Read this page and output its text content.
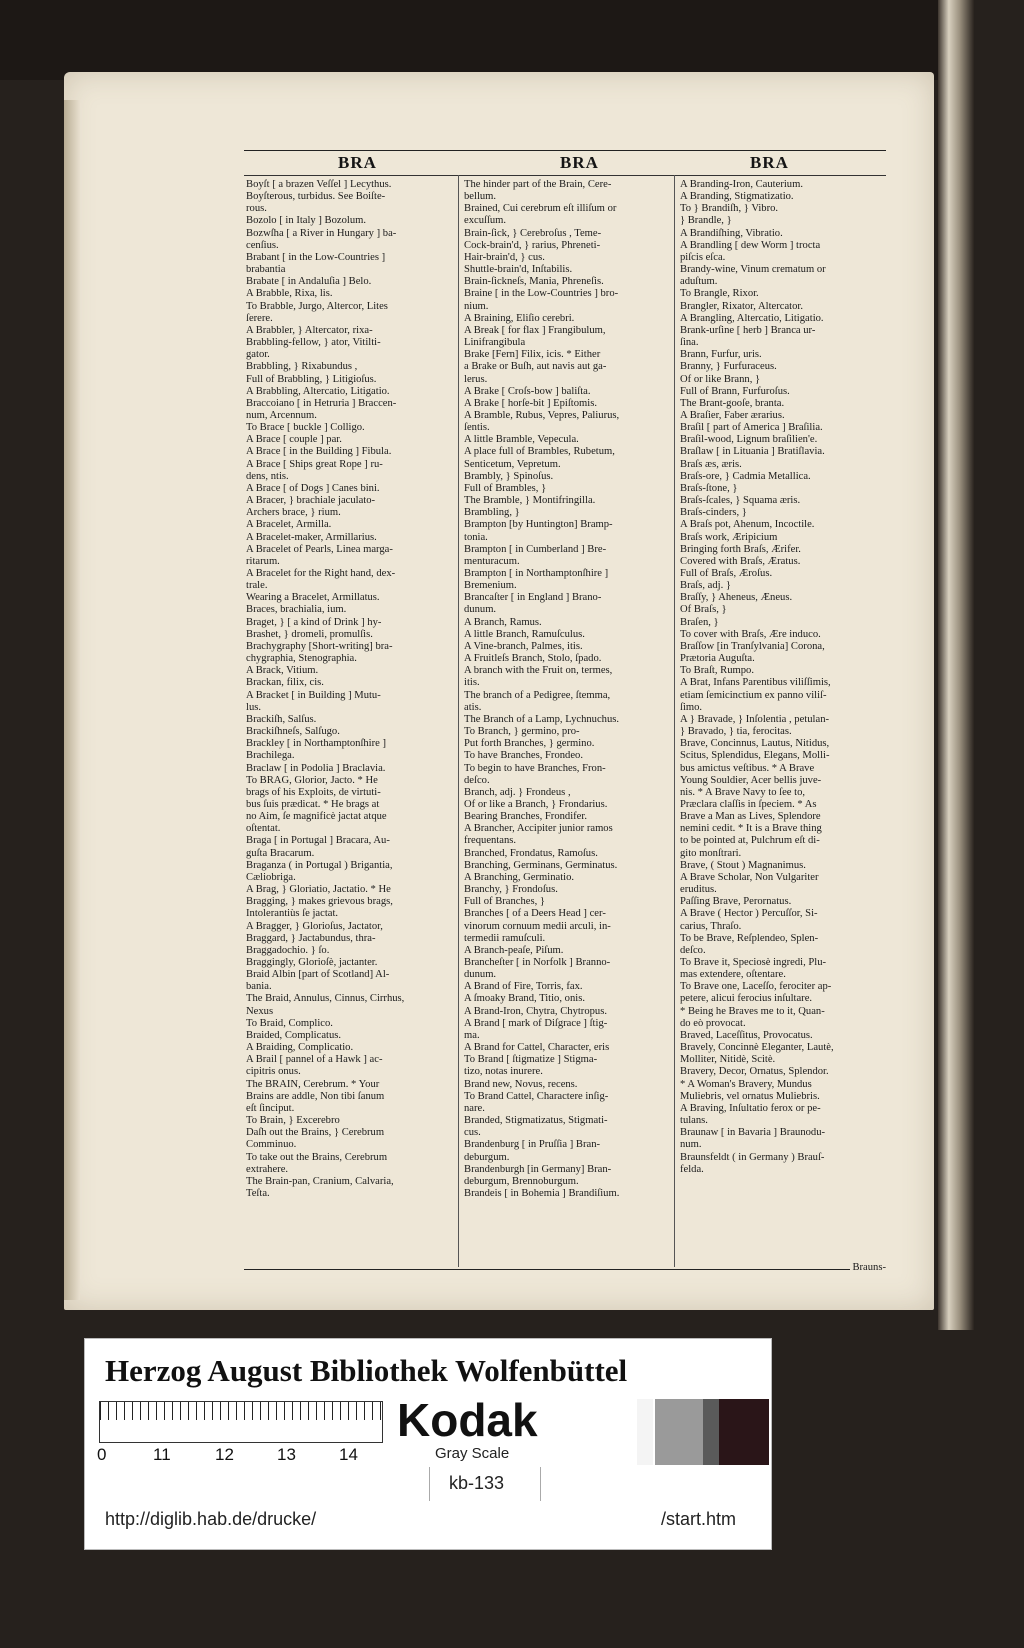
BRA	BRA	BRA
Boyſt [ a brazen Veſſel ] Lecythus.
Boyſterous, turbidus. See Boiſte-
rous.
Bozolo [ in Italy ] Bozolum.
Bozwſha [ a River in Hungary ] ba-
cenſius.
Brabant [ in the Low-Countries ]
brabantia
Brabate [ in Andaluſia ] Belo.
A Brabble, Rixa, lis.
To Brabble, Jurgo, Altercor, Lites
ſerere.
A Brabbler, } Altercator, rixa-
Brabbling-fellow, } ator, Vitilti-
gator.
Brabbling, } Rixabundus ,
Full of Brabbling, } Litigioſus.
A Brabbling, Altercatio, Litigatio.
Braccoiano [ in Hetruria ] Braccen-
num, Arcennum.
To Brace [ buckle ] Colligo.
A Brace [ couple ] par.
A Brace [ in the Building ] Fibula.
A Brace [ Ships great Rope ] ru-
dens, ntis.
A Brace [ of Dogs ] Canes bini.
A Bracer, } brachiale jaculato-
Archers brace, } rium.
A Bracelet, Armilla.
A Bracelet-maker, Armillarius.
A Bracelet of Pearls, Linea marga-
ritarum.
A Bracelet for the Right hand, dex-
trale.
Wearing a Bracelet, Armillatus.
Braces, brachialia, ium.
Braget, } [ a kind of Drink ] hy-
Brashet, } dromeli, promulſis.
Brachygraphy [Short-writing] bra-
chygraphia, Stenographia.
A Brack, Vitium.
Brackan, filix, cis.
A Bracket [ in Building ] Mutu-
lus.
Brackiſh, Salſus.
Brackiſhneſs, Salſugo.
Brackley [ in Northamptonſhire ]
Brachilega.
Braclaw [ in Podolia ] Braclavia.
To BRAG, Glorior, Jacto. * He
brags of his Exploits, de virtuti-
bus ſuis prædicat. * He brags at
no Aim, ſe magnificè jactat atque
oſtentat.
Braga [ in Portugal ] Bracara, Au-
guſta Bracarum.
Braganza ( in Portugal ) Brigantia,
Cæliobriga.
A Brag, } Gloriatio, Jactatio. * He
Bragging, } makes grievous brags,
Intolerantiùs ſe jactat.
A Bragger, } Glorioſus, Jactator,
Braggard, } Jactabundus, thra-
Braggadochio. } ſo.
Braggingly, Glorioſè, jactanter.
Braid Albin [part of Scotland] Al-
bania.
The Braid, Annulus, Cinnus, Cirrhus,
Nexus
To Braid, Complico.
Braided, Complicatus.
A Braiding, Complicatio.
A Brail [ pannel of a Hawk ] ac-
cipitris onus.
The BRAIN, Cerebrum. * Your
Brains are addle, Non tibi ſanum
eſt ſinciput.
To Brain, } Excerebro
Daſh out the Brains, } Cerebrum
Comminuo.
To take out the Brains, Cerebrum
extrahere.
The Brain-pan, Cranium, Calvaria,
Teſta.
The hinder part of the Brain, Cere-
bellum.
Brained, Cui cerebrum eſt illiſum or
excuſſum.
Brain-ſick, } Cerebroſus , Teme-
Cock-brain'd, } rarius, Phreneti-
Hair-brain'd, } cus.
Shuttle-brain'd, Inſtabilis.
Brain-ſickneſs, Mania, Phreneſis.
Braine [ in the Low-Countries ] bro-
nium.
A Braining, Eliſio cerebri.
A Break [ for flax ] Frangibulum,
Linifrangibula
Brake [Fern] Filix, icis. * Either
a Brake or Buſh, aut navis aut ga-
lerus.
A Brake [ Croſs-bow ] baliſta.
A Brake [ horſe-bit ] Epiſtomis.
A Bramble, Rubus, Vepres, Paliurus,
ſentis.
A little Bramble, Vepecula.
A place full of Brambles, Rubetum,
Senticetum, Vepretum.
Brambly, } Spinoſus.
Full of Brambles, }
The Bramble, } Montifringilla.
Brambling, }
Brampton [by Huntington] Bramp-
tonia.
Brampton [ in Cumberland ] Bre-
menturacum.
Brampton [ in Northamptonſhire ]
Bremenium.
Brancaſter [ in England ] Brano-
dunum.
A Branch, Ramus.
A little Branch, Ramuſculus.
A Vine-branch, Palmes, itis.
A Fruitleſs Branch, Stolo, ſpado.
A branch with the Fruit on, termes,
itis.
The branch of a Pedigree, ſtemma,
atis.
The Branch of a Lamp, Lychnuchus.
To Branch, } germino, pro-
Put forth Branches, } germino.
To have Branches, Frondeo.
To begin to have Branches, Fron-
deſco.
Branch, adj. } Frondeus ,
Of or like a Branch, } Frondarius.
Bearing Branches, Frondifer.
A Brancher, Accipiter junior ramos
frequentans.
Branched, Frondatus, Ramoſus.
Branching, Germinans, Germinatus.
A Branching, Germinatio.
Branchy, } Frondoſus.
Full of Branches, }
Branches [ of a Deers Head ] cer-
vinorum cornuum medii arculi, in-
termedii ramuſculi.
A Branch-peaſe, Piſum.
Brancheſter [ in Norfolk ] Branno-
dunum.
A Brand of Fire, Torris, fax.
A ſmoaky Brand, Titio, onis.
A Brand-Iron, Chytra, Chytropus.
A Brand [ mark of Diſgrace ] ſtig-
ma.
A Brand for Cattel, Character, eris
To Brand [ ſtigmatize ] Stigma-
tizo, notas inurere.
Brand new, Novus, recens.
To Brand Cattel, Charactere inſig-
nare.
Branded, Stigmatizatus, Stigmati-
cus.
Brandenburg [ in Pruſſia ] Bran-
deburgum.
Brandenburgh [in Germany] Bran-
deburgum, Brennoburgum.
Brandeis [ in Bohemia ] Brandiſium.
A Branding-Iron, Cauterium.
A Branding, Stigmatizatio.
To } Brandiſh, } Vibro.
} Brandle, }
A Brandiſhing, Vibratio.
A Brandling [ dew Worm ] trocta
piſcis eſca.
Brandy-wine, Vinum crematum or
aduſtum.
To Brangle, Rixor.
Brangler, Rixator, Altercator.
A Brangling, Altercatio, Litigatio.
Brank-urſine [ herb ] Branca ur-
ſina.
Brann, Furfur, uris.
Branny, } Furfuraceus.
Of or like Brann, }
Full of Brann, Furfuroſus.
The Brant-gooſe, branta.
A Braſier, Faber ærarius.
Braſil [ part of America ] Braſilia.
Braſil-wood, Lignum braſilien'e.
Braſlaw [ in Lituania ] Bratiſlavia.
Braſs æs, æris.
Braſs-ore, } Cadmia Metallica.
Braſs-ſtone, }
Braſs-ſcales, } Squama æris.
Braſs-cinders, }
A Braſs pot, Ahenum, Incoctile.
Braſs work, Æripicium
Bringing forth Braſs, Ærifer.
Covered with Braſs, Æratus.
Full of Braſs, Æroſus.
Braſs, adj. }
Braſſy, } Aheneus, Æneus.
Of Braſs, }
Braſen, }
To cover with Braſs, Ære induco.
Braſſow [in Tranſylvania] Corona,
Prætoria Auguſta.
To Braſt, Rumpo.
A Brat, Infans Parentibus viliſſimis,
etiam ſemicinctium ex panno viliſ-
ſimo.
A } Bravade, } Inſolentia , petulan-
} Bravado, } tia, ferocitas.
Brave, Concinnus, Lautus, Nitidus,
Scitus, Splendidus, Elegans, Molli-
bus amictus veſtibus. * A Brave
Young Souldier, Acer bellis juve-
nis. * A Brave Navy to ſee to,
Præclara claſſis in ſpeciem. * As
Brave a Man as Lives, Splendore
nemini cedit. * It is a Brave thing
to be pointed at, Pulchrum eſt di-
gito monſtrari.
Brave, ( Stout ) Magnanimus.
A Brave Scholar, Non Vulgariter
eruditus.
Paſſing Brave, Perornatus.
A Brave ( Hector ) Percuſſor, Si-
carius, Thraſo.
To be Brave, Reſplendeo, Splen-
deſco.
To Brave it, Speciosè ingredi, Plu-
mas extendere, oſtentare.
To Brave one, Laceſſo, ferociter ap-
petere, alicui ferocius inſultare.
* Being he Braves me to it, Quan-
do eò provocat.
Braved, Laceſſitus, Provocatus.
Bravely, Concinnè Eleganter, Lautè,
Molliter, Nitidè, Scitè.
Bravery, Decor, Ornatus, Splendor.
* A Woman's Bravery, Mundus
Muliebris, vel ornatus Muliebris.
A Braving, Inſultatio ferox or pe-
tulans.
Braunaw [ in Bavaria ] Braunodu-
num.
Braunsfeldt ( in Germany ) Brauſ-
felda.
Brauns-
Herzog August Bibliothek Wolfenbüttel
0	11	12	13	14
Kodak
Gray Scale
kb-133
http://diglib.hab.de/drucke/	/start.htm
